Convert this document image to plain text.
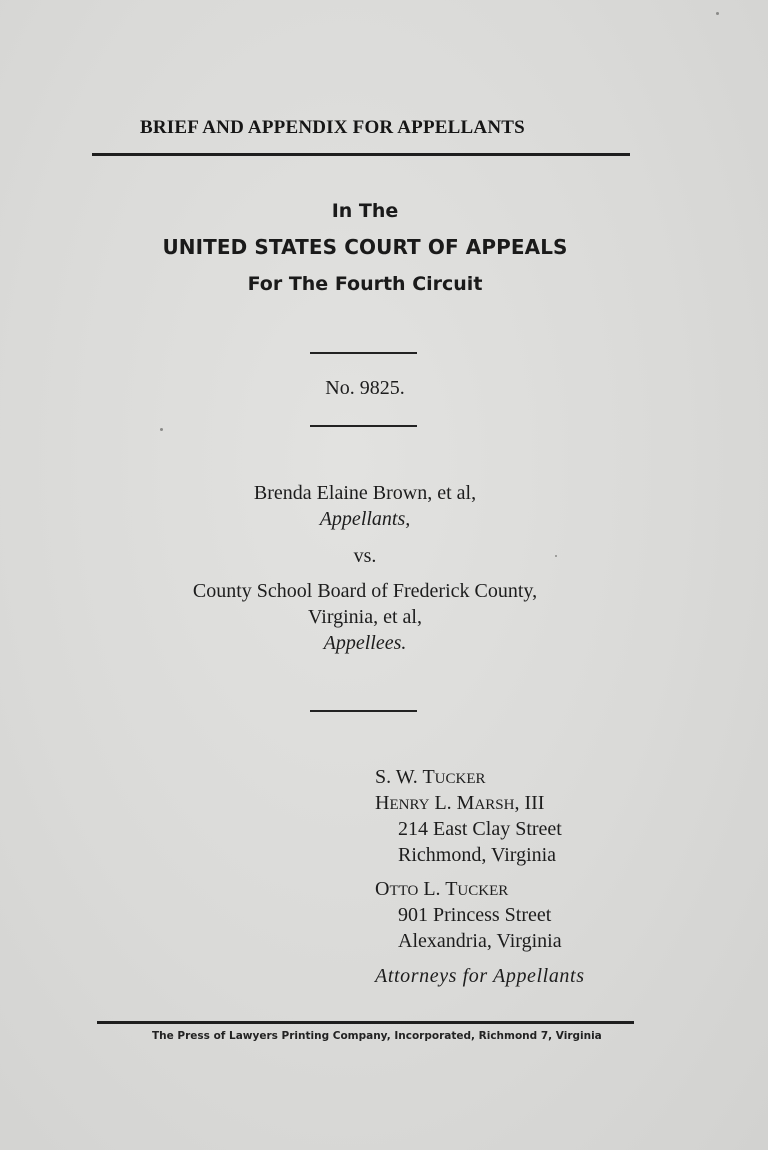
BRIEF AND APPENDIX FOR APPELLANTS

In The

UNITED STATES COURT OF APPEALS

For The Fourth Circuit

No. 9825.

Brenda Elaine Brown, et al,

Appellants,

vs.

County School Board of Frederick County,

Virginia, et al,

Appellees.

S. W. TUCKER

HENRY L. MARSH, III

214 East Clay Street

Richmond, Virginia

OTTO L. TUCKER

901 Princess Street

Alexandria, Virginia

Attorneys for Appellants

The Press of Lawyers Printing Company, Incorporated, Richmond 7, Virginia
